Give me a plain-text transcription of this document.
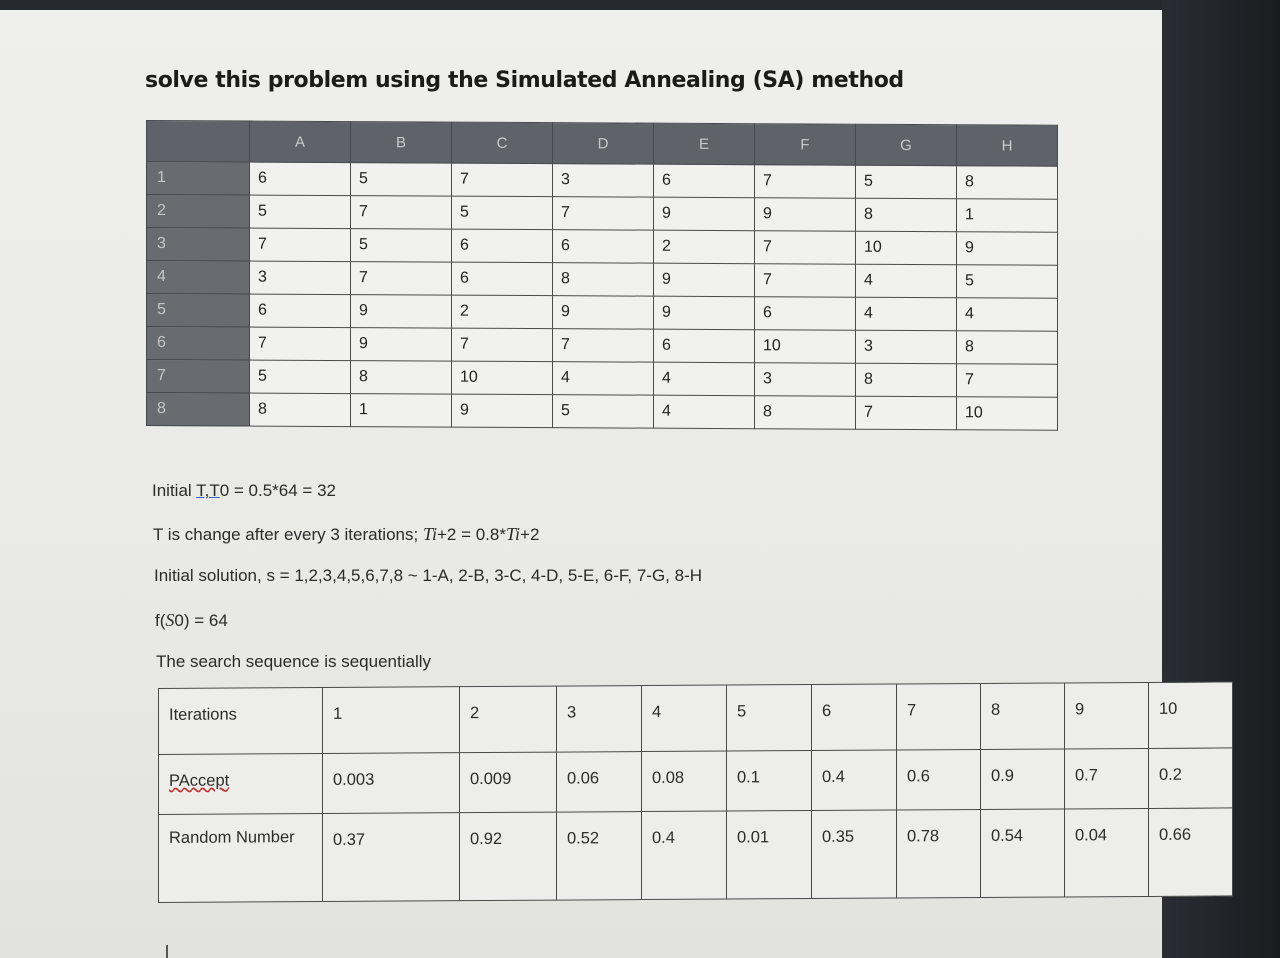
solve this problem using the Simulated Annealing (SA) method
	A	B	C	D	E	F	G	H
1	6	5	7	3	6	7	5	8
2	5	7	5	7	9	9	8	1
3	7	5	6	6	2	7	10	9
4	3	7	6	8	9	7	4	5
5	6	9	2	9	9	6	4	4
6	7	9	7	7	6	10	3	8
7	5	8	10	4	4	3	8	7
8	8	1	9	5	4	8	7	10
Initial T,T0 = 0.5*64 = 32
T is change after every 3 iterations; Ti+2 = 0.8*Ti+2
Initial solution, s = 1,2,3,4,5,6,7,8 ~ 1-A, 2-B, 3-C, 4-D, 5-E, 6-F, 7-G, 8-H
f(S0) = 64
The search sequence is sequentially
Iterations	1	2	3	4	5	6	7	8	9	10
PAccept	0.003	0.009	0.06	0.08	0.1	0.4	0.6	0.9	0.7	0.2
Random Number	0.37	0.92	0.52	0.4	0.01	0.35	0.78	0.54	0.04	0.66
